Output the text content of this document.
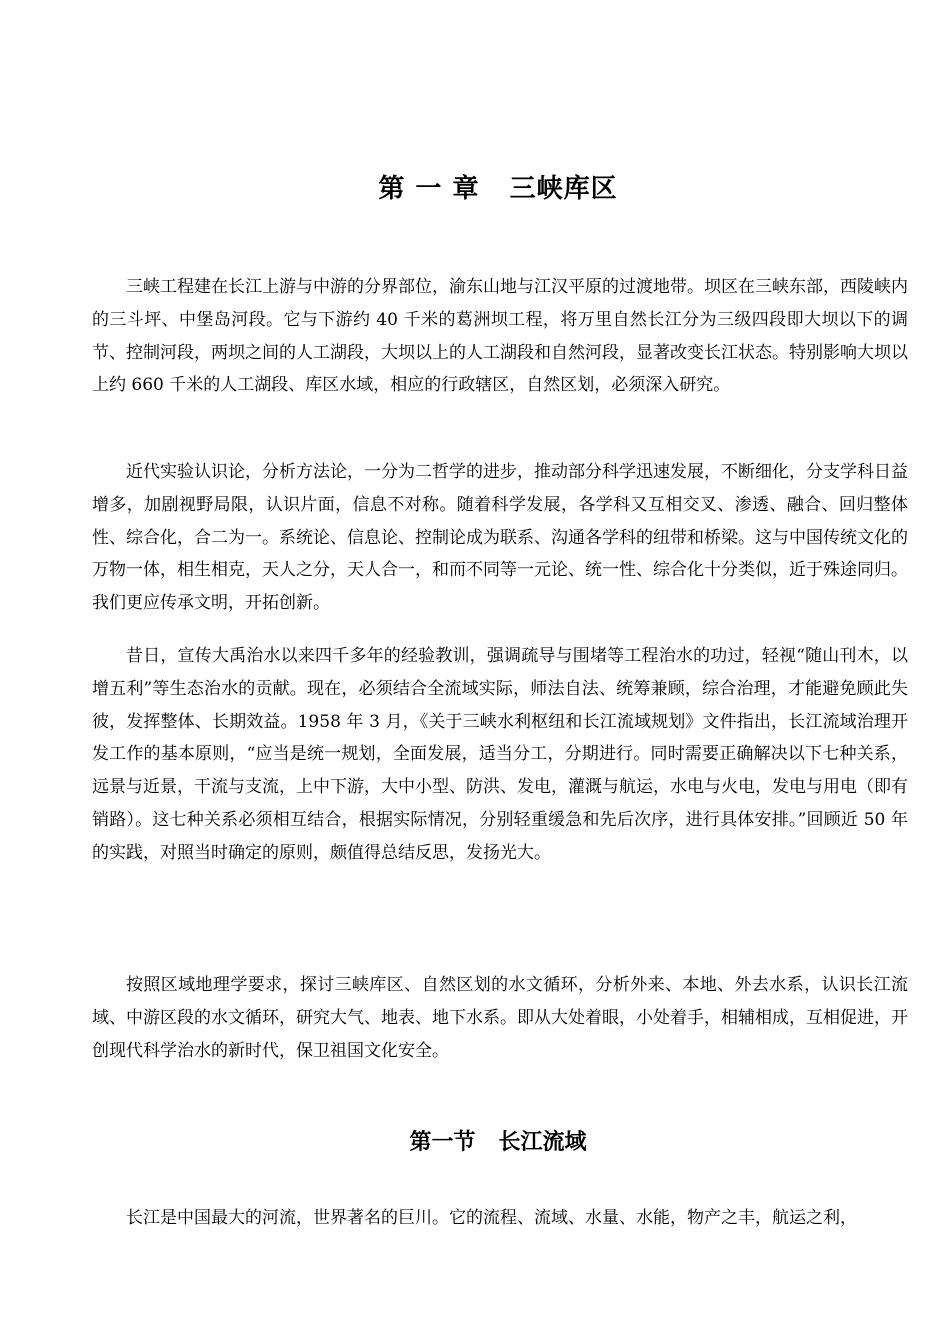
第 一 章   三峡库区

三峡工程建在长江上游与中游的分界部位，渝东山地与江汉平原的过渡地带。坝区在三峡东部，西陵峡内的三斗坪、中堡岛河段。它与下游约 40 千米的葛洲坝工程，将万里自然长江分为三级四段即大坝以下的调节、控制河段，两坝之间的人工湖段，大坝以上的人工湖段和自然河段，显著改变长江状态。特别影响大坝以上约 660 千米的人工湖段、库区水域，相应的行政辖区，自然区划，必须深入研究。

近代实验认识论，分析方法论，一分为二哲学的进步，推动部分科学迅速发展，不断细化，分支学科日益增多，加剧视野局限，认识片面，信息不对称。随着科学发展，各学科又互相交叉、渗透、融合、回归整体性、综合化，合二为一。系统论、信息论、控制论成为联系、沟通各学科的纽带和桥梁。这与中国传统文化的万物一体，相生相克，天人之分，天人合一，和而不同等一元论、统一性、综合化十分类似，近于殊途同归。我们更应传承文明，开拓创新。

昔日，宣传大禹治水以来四千多年的经验教训，强调疏导与围堵等工程治水的功过，轻视“随山刊木，以增五利”等生态治水的贡献。现在，必须结合全流域实际，师法自法、统筹兼顾，综合治理，才能避免顾此失彼，发挥整体、长期效益。1958 年 3 月，《关于三峡水利枢纽和长江流域规划》文件指出，长江流域治理开发工作的基本原则，“应当是统一规划，全面发展，适当分工，分期进行。同时需要正确解决以下七种关系，远景与近景，干流与支流，上中下游，大中小型、防洪、发电，灌溉与航运，水电与火电，发电与用电（即有销路）。这七种关系必须相互结合，根据实际情况，分别轻重缓急和先后次序，进行具体安排。”回顾近 50 年的实践，对照当时确定的原则，颇值得总结反思，发扬光大。

按照区域地理学要求，探讨三峡库区、自然区划的水文循环，分析外来、本地、外去水系，认识长江流域、中游区段的水文循环，研究大气、地表、地下水系。即从大处着眼，小处着手，相辅相成，互相促进，开创现代科学治水的新时代，保卫祖国文化安全。

第一节   长江流域

长江是中国最大的河流，世界著名的巨川。它的流程、流域、水量、水能，物产之丰，航运之利，
